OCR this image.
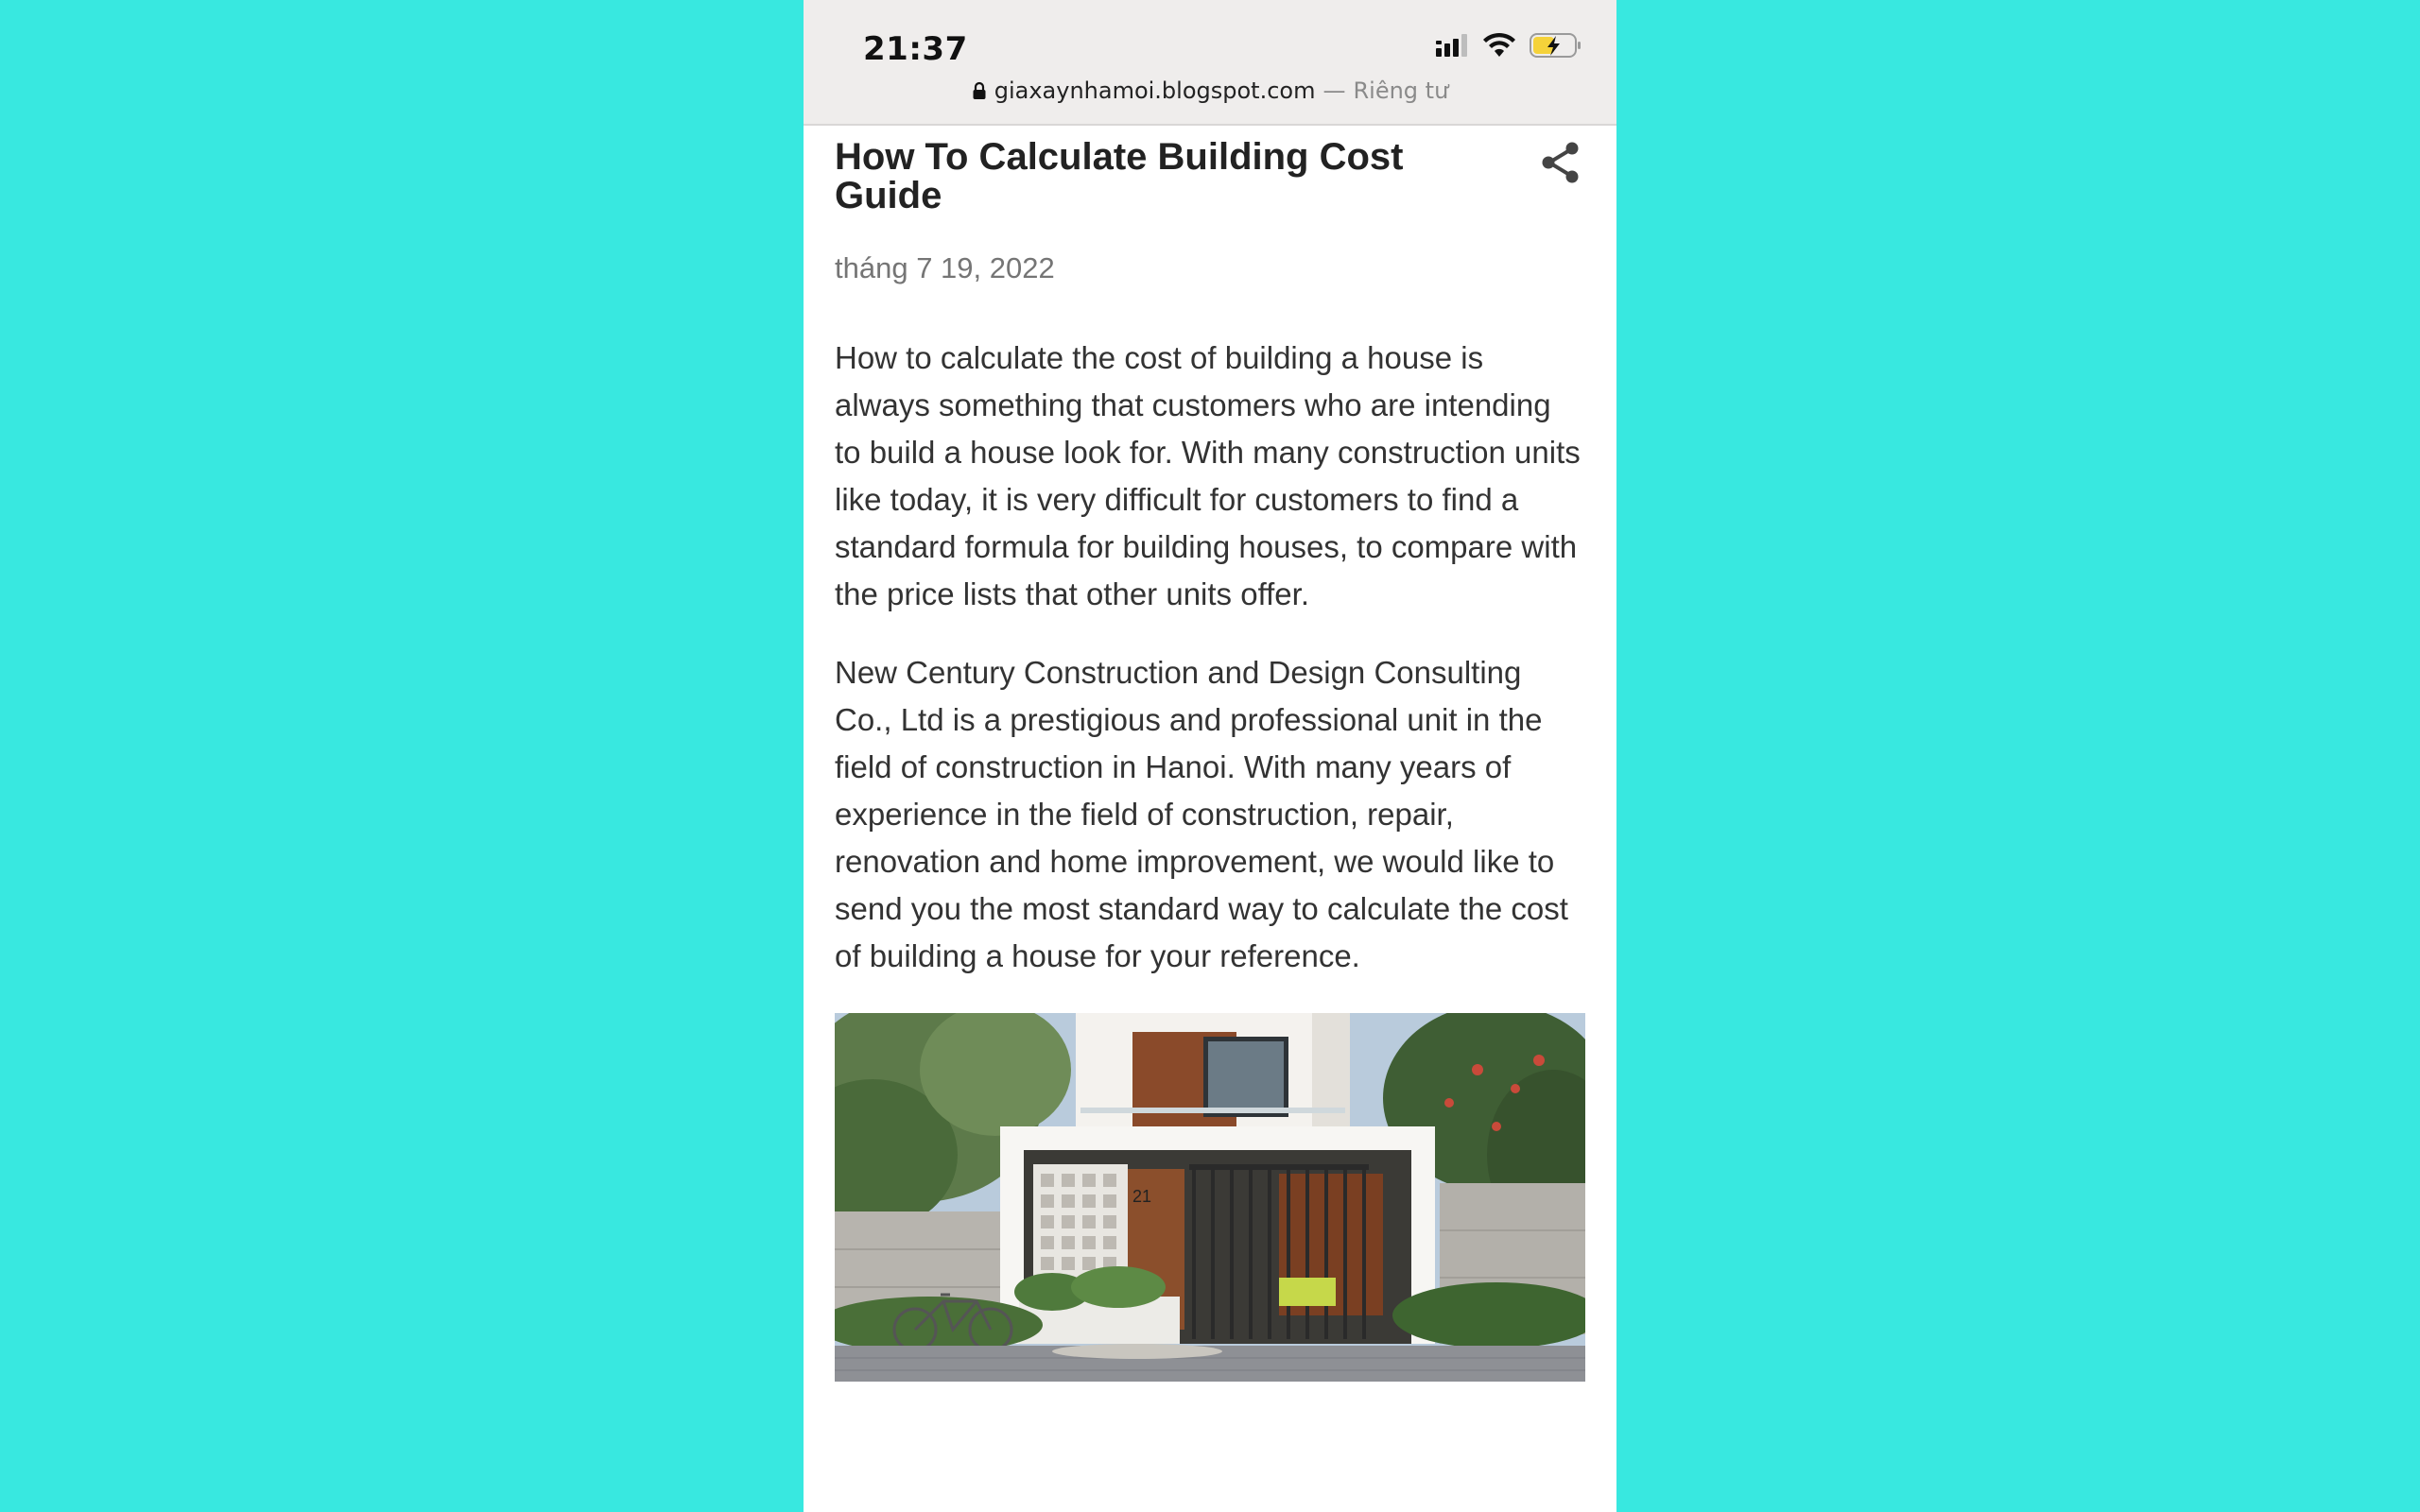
21:37
giaxaynhamoi.blogspot.com — Riêng tư
How To Calculate Building Cost Guide
tháng 7 19, 2022

How to calculate the cost of building a house is always something that customers who are intending to build a house look for. With many construction units like today, it is very difficult for customers to find a standard formula for building houses, to compare with the price lists that other units offer.

New Century Construction and Design Consulting Co., Ltd is a prestigious and professional unit in the field of construction in Hanoi. With many years of experience in the field of construction, repair, renovation and home improvement, we would like to send you the most standard way to calculate the cost of building a house for your reference.

21
